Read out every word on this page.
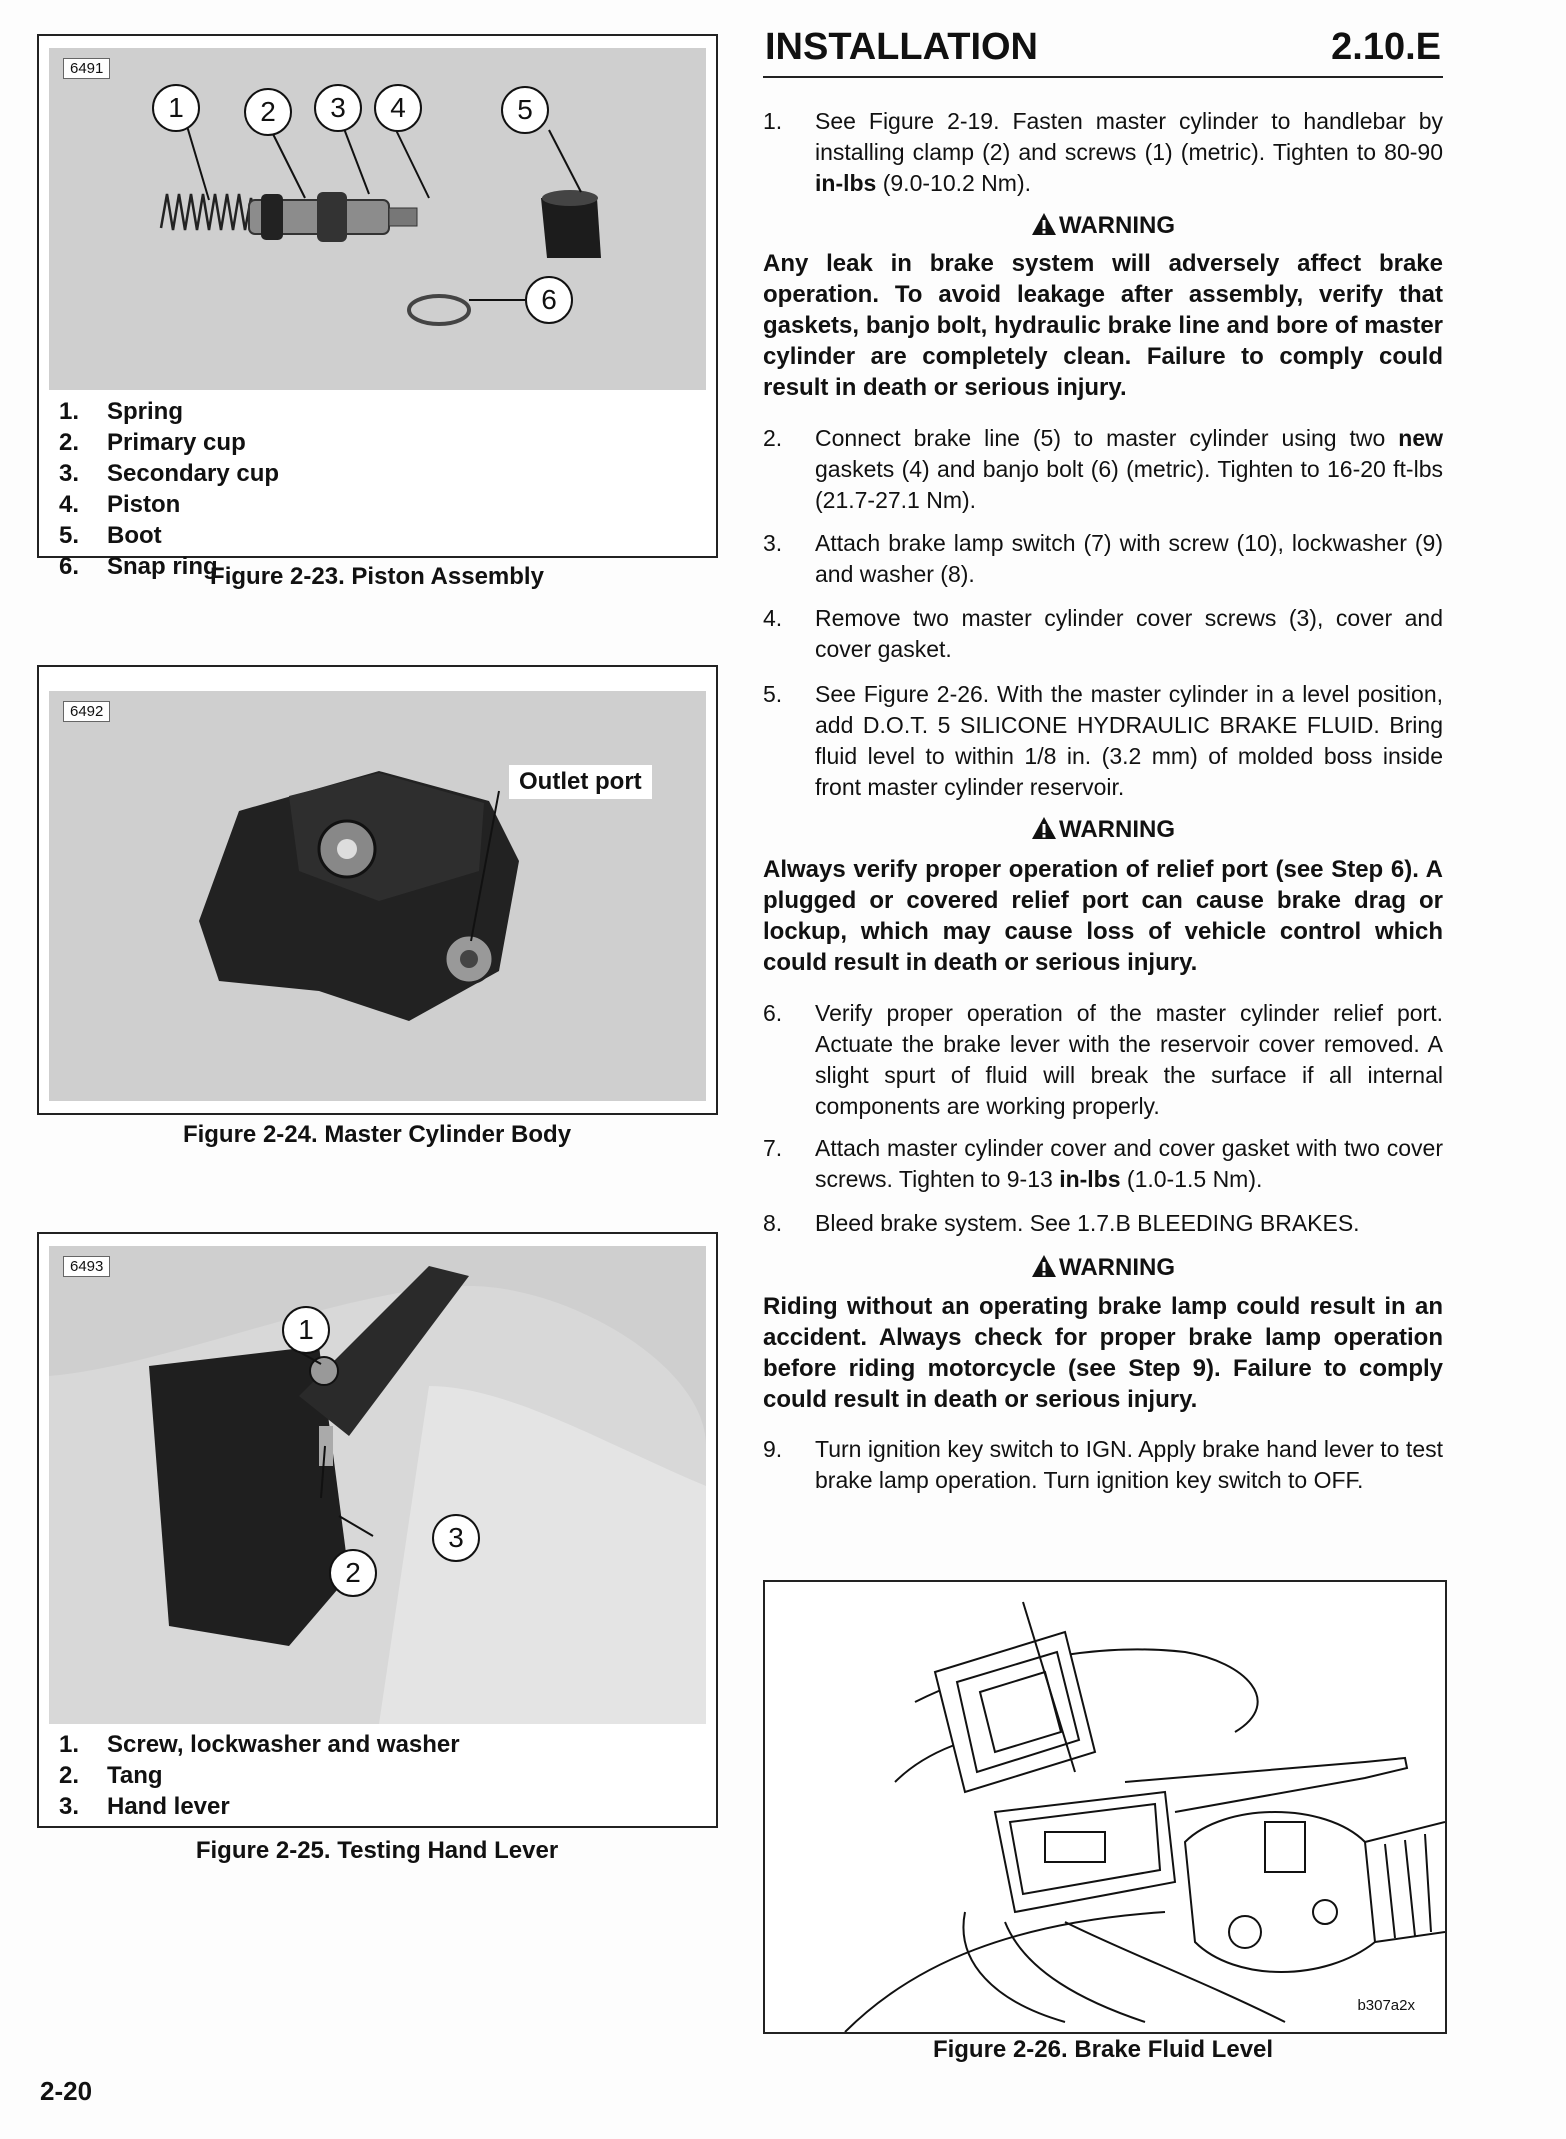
INSTALLATION	2.10.E
6491
1	2	3	4	5
6
1. Spring
2. Primary cup
3. Secondary cup
4. Piston
5. Boot
6. Snap ring
Figure 2-23. Piston Assembly
6492
Outlet port
Figure 2-24. Master Cylinder Body
6493
1
2
3
1. Screw, lockwasher and washer
2. Tang
3. Hand lever
Figure 2-25. Testing Hand Lever
1. See Figure 2-19. Fasten master cylinder to handlebar by installing clamp (2) and screws (1) (metric). Tighten to 80-90 in-lbs (9.0-10.2 Nm).
WARNING
Any leak in brake system will adversely affect brake operation. To avoid leakage after assembly, verify that gaskets, banjo bolt, hydraulic brake line and bore of master cylinder are completely clean. Failure to comply could result in death or serious injury.
2. Connect brake line (5) to master cylinder using two new gaskets (4) and banjo bolt (6) (metric). Tighten to 16-20 ft-lbs (21.7-27.1 Nm).
3. Attach brake lamp switch (7) with screw (10), lockwasher (9) and washer (8).
4. Remove two master cylinder cover screws (3), cover and cover gasket.
5. See Figure 2-26. With the master cylinder in a level position, add D.O.T. 5 SILICONE HYDRAULIC BRAKE FLUID. Bring fluid level to within 1/8 in. (3.2 mm) of molded boss inside front master cylinder reservoir.
WARNING
Always verify proper operation of relief port (see Step 6). A plugged or covered relief port can cause brake drag or lockup, which may cause loss of vehicle control which could result in death or serious injury.
6. Verify proper operation of the master cylinder relief port. Actuate the brake lever with the reservoir cover removed. A slight spurt of fluid will break the surface if all internal components are working properly.
7. Attach master cylinder cover and cover gasket with two cover screws. Tighten to 9-13 in-lbs (1.0-1.5 Nm).
8. Bleed brake system. See 1.7.B BLEEDING BRAKES.
WARNING
Riding without an operating brake lamp could result in an accident. Always check for proper brake lamp operation before riding motorcycle (see Step 9). Failure to comply could result in death or serious injury.
9. Turn ignition key switch to IGN. Apply brake hand lever to test brake lamp operation. Turn ignition key switch to OFF.
b307a2x
Figure 2-26. Brake Fluid Level
2-20
